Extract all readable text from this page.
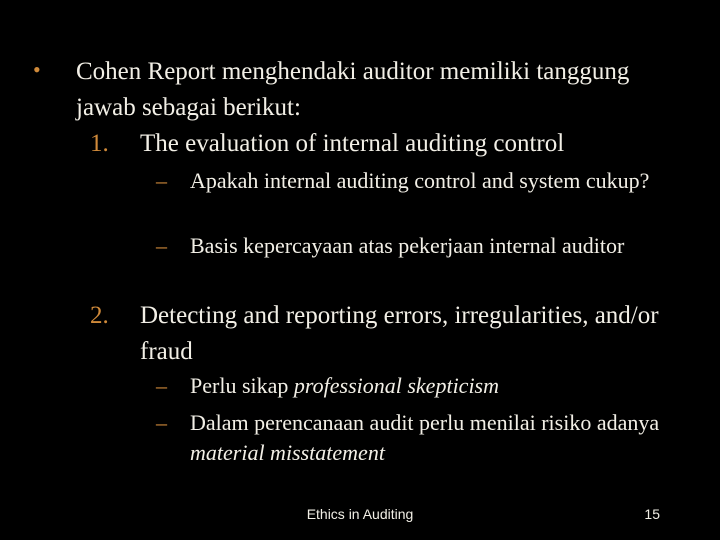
• Cohen Report menghendaki auditor memiliki tanggung jawab sebagai berikut:
1. The evaluation of internal auditing control
– Apakah internal auditing control and system cukup?
– Basis kepercayaan atas pekerjaan internal auditor
2. Detecting and reporting errors, irregularities, and/or fraud
– Perlu sikap professional skepticism
– Dalam perencanaan audit perlu menilai risiko adanya material misstatement
Ethics in Auditing	15
